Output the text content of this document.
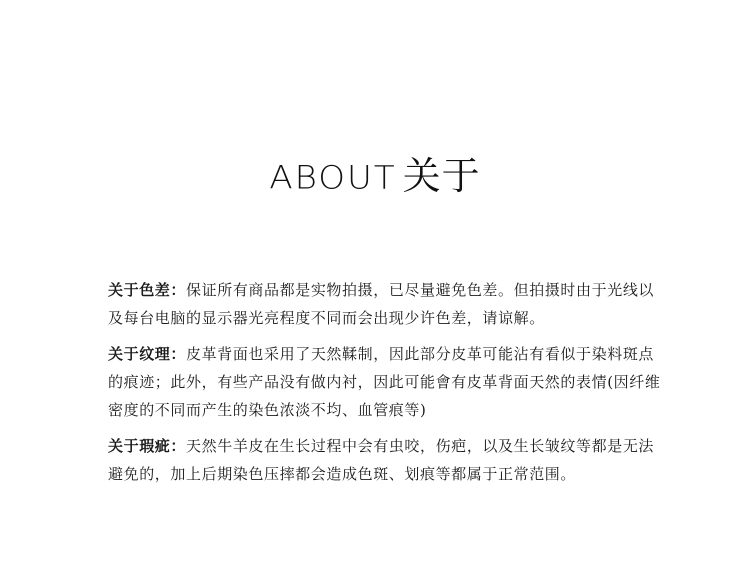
ABOUT 关于

关于色差：保证所有商品都是实物拍摄，已尽量避免色差。但拍摄时由于光线以及每台电脑的显示器光亮程度不同而会出现少许色差，请谅解。

关于纹理：皮革背面也采用了天然鞣制，因此部分皮革可能沾有看似于染料斑点的痕迹；此外，有些产品没有做内衬，因此可能會有皮革背面天然的表情(因纤维密度的不同而产生的染色浓淡不均、血管痕等)

关于瑕疵：天然牛羊皮在生长过程中会有虫咬，伤疤，以及生长皱纹等都是无法避免的，加上后期染色压摔都会造成色斑、划痕等都属于正常范围。
